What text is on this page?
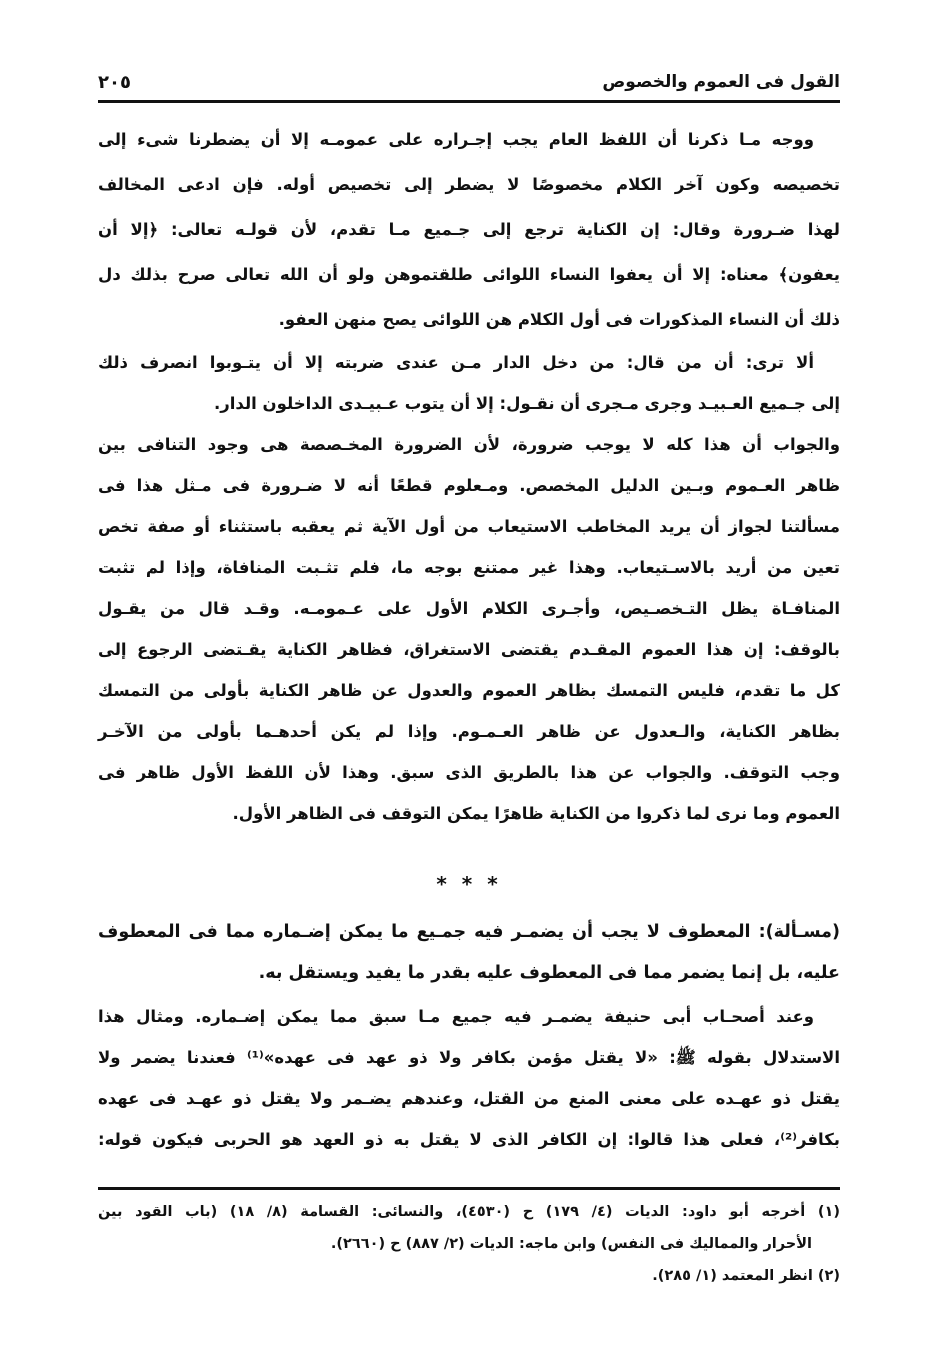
القول فى العموم والخصوص
٢٠٥
ووجه مـا ذكرنا أن اللفظ العام يجب إجـراره على عمومـه إلا أن يضطرنا شىء إلى
تخصيصه وكون آخر الكلام مخصوصًا لا يضطر إلى تخصيص أوله. فإن ادعى المخالف
لهذا ضـرورة وقال: إن الكناية ترجع إلى جـميع مـا تقدم، لأن قولـه تعالى: ﴿إلا أن
يعفون﴾ معناه: إلا أن يعفوا النساء اللوائى طلقتموهن ولو أن الله تعالى صرح بذلك دل
ذلك أن النساء المذكورات فى أول الكلام هن اللوائى يصح منهن العفو.
ألا ترى: أن من قال: من دخل الدار مـن عندى ضربته إلا أن يتـوبوا انصرف ذلك
إلى جـميع العـبيـد وجرى مـجرى أن نقـول: إلا أن يتوب عـبيـدى الداخلون الدار.
والجواب أن هذا كله لا يوجب ضرورة، لأن الضرورة المخـصصة هى وجود التنافى بين
ظاهر العـموم وبـين الدليل المخصص. ومـعلوم قطعًا أنه لا ضـرورة فى مـثل هذا فى
مسألتنا لجواز أن يريد المخاطب الاستيعاب من أول الآية ثم يعقبه باستثناء أو صفة تخص
تعين من أريد بالاسـتيعاب. وهذا غير ممتنع بوجه ما، فلم تثـبت المنافاة، وإذا لم تثبت
المنافـاة يظل التـخصـيص، وأجـرى الكلام الأول على عـمومـه. وقـد قال من يقـول
بالوقف: إن هذا العموم المقـدم يقتضى الاستغراق، فظاهر الكناية يقـتضى الرجوع إلى
كل ما تقدم، فليس التمسك بظاهر العموم والعدول عن ظاهر الكناية بأولى من التمسك
بظاهر الكناية، والـعدول عن ظاهر العـمـوم. وإذا لم يكن أحدهـما بأولى من الآخـر
وجب التوقف. والجواب عن هذا بالطريق الذى سبق. وهذا لأن اللفظ الأول ظاهر فى
العموم وما نرى لما ذكروا من الكناية ظاهرًا يمكن التوقف فى الظاهر الأول.
* * *
(مسـألة): المعطوف لا يجب أن يضمـر فيه جمـيع ما يمكن إضـماره مما فى المعطوف
عليه، بل إنما يضمر مما فى المعطوف عليه بقدر ما يفيد ويستقل به.
وعند أصحـاب أبى حنيفة يضمـر فيه جميع مـا سبق مما يمكن إضـماره. ومثال هذا
الاستدلال بقوله ﷺ: «لا يقتل مؤمن بكافر ولا ذو عهد فى عهده»⁽¹⁾ فعندنا يضمر ولا
يقتل ذو عهـده على معنى المنع من القتل، وعندهم يضـمر ولا يقتل ذو عهـد فى عهده
بكافر⁽²⁾، فعلى هذا قالوا: إن الكافر الذى لا يقتل به ذو العهد هو الحربى فيكون قوله:
(١) أخرجه أبو داود: الديات (٤/ ١٧٩) ح (٤٥٣٠)، والنسائى: القسامة (٨/ ١٨) (باب القود بين
الأحرار والمماليك فى النفس) وابن ماجه: الديات (٢/ ٨٨٧) ح (٢٦٦٠).
(٢) انظر المعتمد (١/ ٢٨٥).
